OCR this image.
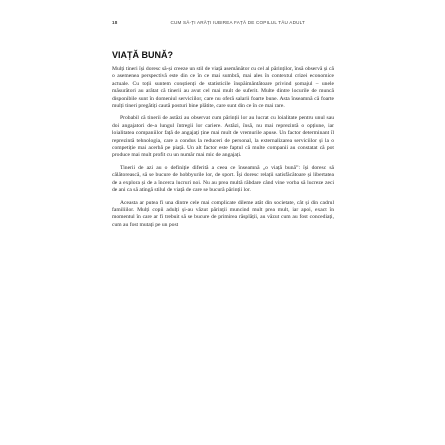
18	CUM SĂ-ȚI ARĂȚI IUBIREA FAȚĂ DE COPILUL TĂU ADULT
VIAȚĂ BUNĂ?

Mulți tineri își doresc să-și creeze un stil de viață asemănător cu cel al părinților, însă observă și că o asemenea perspectivă este din ce în ce mai sumbră, mai ales în contextul crizei economice actuale. Cu toții suntem conștienți de statisticile înspăimântătoare privind șomajul – unele măsurători au arătat că tinerii au avut cel mai mult de suferit. Multe dintre locurile de muncă disponibile sunt în domeniul serviciilor, care nu oferă salarii foarte bune. Asta înseamnă că foarte mulți tineri pregătiți caută posturi bine plătite, care sunt din ce în ce mai rare.

Probabil că tinerii de astăzi au observat cum părinții lor au lucrat cu loialitate pentru unul sau doi angajatori de-a lungul întregii lor cariere. Astăzi, însă, nu mai reprezintă o opțiune, iar loialitatea companiilor față de angajați ține mai mult de vremurile apuse. Un factor determinant îl reprezintă tehnologia, care a condus la reduceri de personal, la externalizarea serviciilor și la o competiție mai acerbă pe piață. Un alt factor este faptul că multe companii au constatat că pot produce mai mult profit cu un număr mai mic de angajați.

Tinerii de azi au o definiție diferită a ceea ce înseamnă „o viață bună”: își doresc să călătorească, să se bucure de hobbyurile lor, de sport. Își doresc relații satisfăcătoare și libertatea de a explora și de a încerca lucruri noi. Nu au prea multă răbdare când vine vorba să lucreze zeci de ani ca să atingă stilul de viață de care se bucură părinții lor.

Aceasta ar putea fi una dintre cele mai complicate dileme atât din societate, cât și din cadrul familiilor. Mulți copii adulți și-au văzut părinții muncind mult prea mult, iar apoi, exact în momentul în care ar fi trebuit să se bucure de primirea răsplății, au văzut cum au fost concediați, cum au fost mutați pe un post
